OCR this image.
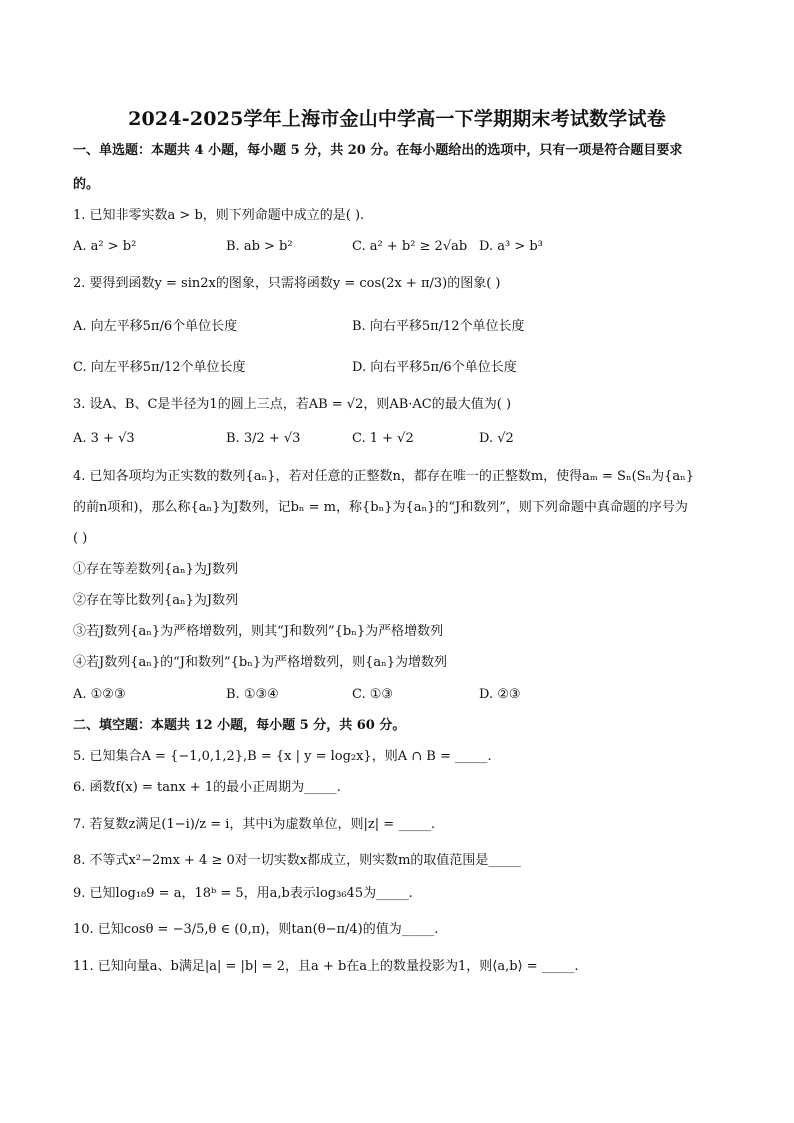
2024-2025学年上海市金山中学高一下学期期末考试数学试卷
一、单选题：本题共 4 小题，每小题 5 分，共 20 分。在每小题给出的选项中，只有一项是符合题目要求
的。
1. 已知非零实数a > b，则下列命题中成立的是( ).
A. a² > b²	B. ab > b²	C. a² + b² ≥ 2√ab D. a³ > b³
2. 要得到函数y = sin2x的图象，只需将函数y = cos(2x + π/3)的图象( )
A. 向左平移5π/6个单位长度	B. 向右平移5π/12个单位长度
C. 向左平移5π/12个单位长度	D. 向右平移5π/6个单位长度
3. 设A、B、C是半径为1的圆上三点，若AB = √2，则AB·AC的最大值为( )
A. 3 + √3	B. 3/2 + √3	C. 1 + √2	D. √2
4. 已知各项均为正实数的数列{aₙ}，若对任意的正整数n，都存在唯一的正整数m，使得aₘ = Sₙ(Sₙ为{aₙ}
的前n项和)，那么称{aₙ}为J数列，记bₙ = m，称{bₙ}为{aₙ}的“J和数列”，则下列命题中真命题的序号为
( )
①存在等差数列{aₙ}为J数列
②存在等比数列{aₙ}为J数列
③若J数列{aₙ}为严格增数列，则其“J和数列”{bₙ}为严格增数列
④若J数列{aₙ}的“J和数列”{bₙ}为严格增数列，则{aₙ}为增数列
A. ①②③	B. ①③④	C. ①③	D. ②③
二、填空题：本题共 12 小题，每小题 5 分，共 60 分。
5. 已知集合A = {−1,0,1,2},B = {x | y = log₂x}，则A ∩ B = _____.
6. 函数f(x) = tanx + 1的最小正周期为_____.
7. 若复数z满足(1−i)/z = i，其中i为虚数单位，则|z| = _____.
8. 不等式x²−2mx + 4 ≥ 0对一切实数x都成立，则实数m的取值范围是_____
9. 已知log₁₈9 = a，18ᵇ = 5，用a,b表示log₃₆45为_____.
10. 已知cosθ = −3/5,θ ∈ (0,π)，则tan(θ−π/4)的值为_____.
11. 已知向量a、b满足|a| = |b| = 2，且a + b在a上的数量投影为1，则⟨a,b⟩ = _____.
